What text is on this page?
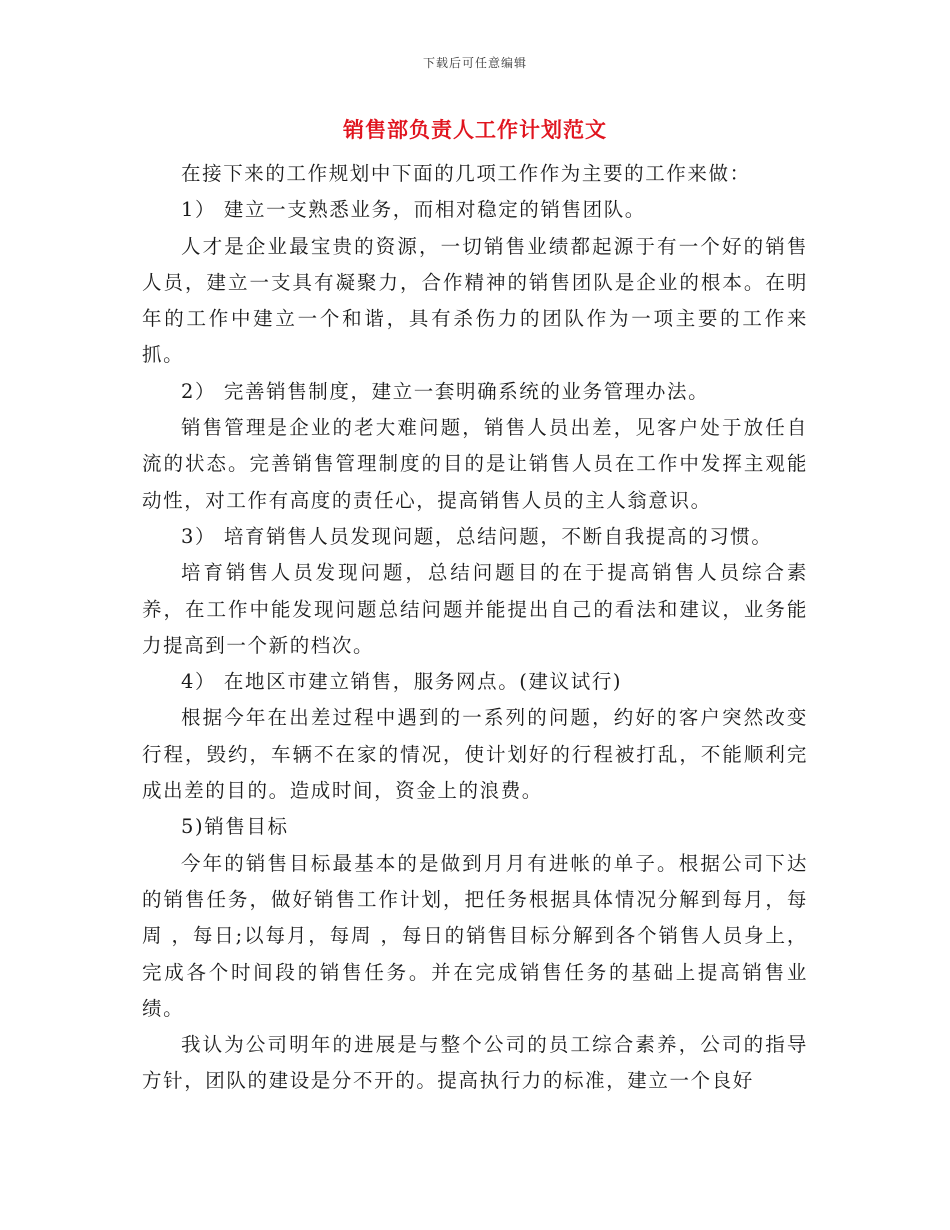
下载后可任意编辑
销售部负责人工作计划范文

在接下来的工作规划中下面的几项工作作为主要的工作来做：

1） 建立一支熟悉业务，而相对稳定的销售团队。

人才是企业最宝贵的资源，一切销售业绩都起源于有一个好的销售人员，建立一支具有凝聚力，合作精神的销售团队是企业的根本。在明年的工作中建立一个和谐，具有杀伤力的团队作为一项主要的工作来抓。

2） 完善销售制度，建立一套明确系统的业务管理办法。

销售管理是企业的老大难问题，销售人员出差，见客户处于放任自流的状态。完善销售管理制度的目的是让销售人员在工作中发挥主观能动性，对工作有高度的责任心，提高销售人员的主人翁意识。

3） 培育销售人员发现问题，总结问题，不断自我提高的习惯。

培育销售人员发现问题，总结问题目的在于提高销售人员综合素养，在工作中能发现问题总结问题并能提出自己的看法和建议，业务能力提高到一个新的档次。

4） 在地区市建立销售，服务网点。(建议试行)

根据今年在出差过程中遇到的一系列的问题，约好的客户突然改变行程，毁约，车辆不在家的情况，使计划好的行程被打乱，不能顺利完成出差的目的。造成时间，资金上的浪费。

5)销售目标

今年的销售目标最基本的是做到月月有进帐的单子。根据公司下达的销售任务，做好销售工作计划，把任务根据具体情况分解到每月，每周 ，每日;以每月，每周 ，每日的销售目标分解到各个销售人员身上，完成各个时间段的销售任务。并在完成销售任务的基础上提高销售业绩。

我认为公司明年的进展是与整个公司的员工综合素养，公司的指导方针，团队的建设是分不开的。提高执行力的标准，建立一个良好
